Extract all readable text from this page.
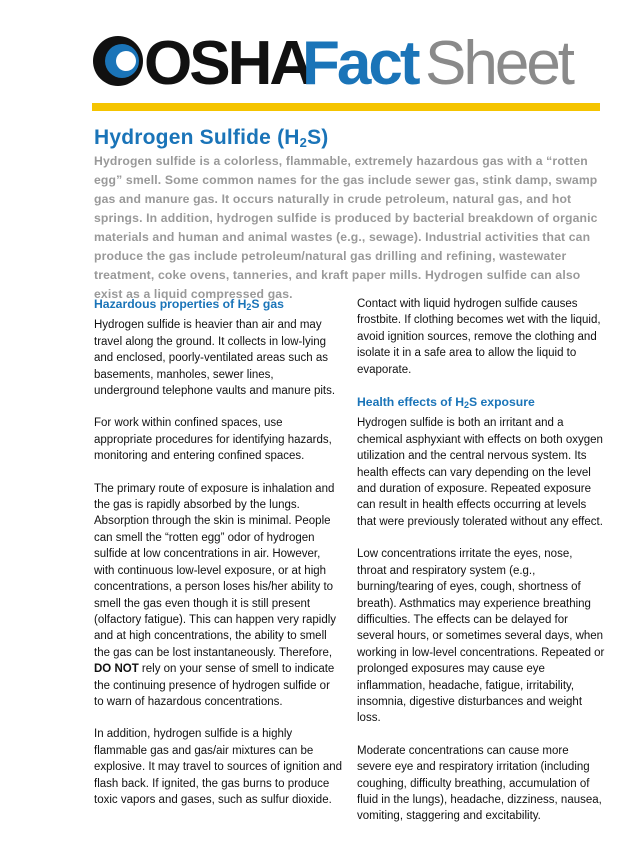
OSHA
Fact Sheet
Hydrogen Sulfide $(H_2S)$
Hydrogen sulfide is a colorless, flammable, extremely hazardous gas with a “rotten egg” smell. Some common names for the gas include sewer gas, stink damp, swamp gas and manure gas. It occurs naturally in crude petroleum, natural gas, and hot springs. In addition, hydrogen sulfide is produced by bacterial breakdown of organic materials and human and animal wastes (e.g., sewage). Industrial activities that can produce the gas include petroleum/natural gas drilling and refining, wastewater treatment, coke ovens, tanneries, and kraft paper mills. Hydrogen sulfide can also exist as a liquid compressed gas.
Hazardous properties of $H_2S$ gas

Hydrogen sulfide is heavier than air and may travel along the ground. It collects in low-lying and enclosed, poorly-ventilated areas such as basements, manholes, sewer lines, underground telephone vaults and manure pits.

For work within confined spaces, use appropriate procedures for identifying hazards, monitoring and entering confined spaces.

The primary route of exposure is inhalation and the gas is rapidly absorbed by the lungs. Absorption through the skin is minimal. People can smell the “rotten egg” odor of hydrogen sulfide at low concentrations in air. However, with continuous low-level exposure, or at high concentrations, a person loses his/her ability to smell the gas even though it is still present (olfactory fatigue). This can happen very rapidly and at high concentrations, the ability to smell the gas can be lost instantaneously. Therefore, DO NOT rely on your sense of smell to indicate the continuing presence of hydrogen sulfide or to warn of hazardous concentrations.

In addition, hydrogen sulfide is a highly flammable gas and gas/air mixtures can be explosive. It may travel to sources of ignition and flash back. If ignited, the gas burns to produce toxic vapors and gases, such as sulfur dioxide.

Contact with liquid hydrogen sulfide causes frostbite. If clothing becomes wet with the liquid, avoid ignition sources, remove the clothing and isolate it in a safe area to allow the liquid to evaporate.

Health effects of $H_2S$ exposure

Hydrogen sulfide is both an irritant and a chemical asphyxiant with effects on both oxygen utilization and the central nervous system. Its health effects can vary depending on the level and duration of exposure. Repeated exposure can result in health effects occurring at levels that were previously tolerated without any effect.

Low concentrations irritate the eyes, nose, throat and respiratory system (e.g., burning/tearing of eyes, cough, shortness of breath). Asthmatics may experience breathing difficulties. The effects can be delayed for several hours, or sometimes several days, when working in low-level concentrations. Repeated or prolonged exposures may cause eye inflammation, headache, fatigue, irritability, insomnia, digestive disturbances and weight loss.

Moderate concentrations can cause more severe eye and respiratory irritation (including coughing, difficulty breathing, accumulation of fluid in the lungs), headache, dizziness, nausea, vomiting, staggering and excitability.
